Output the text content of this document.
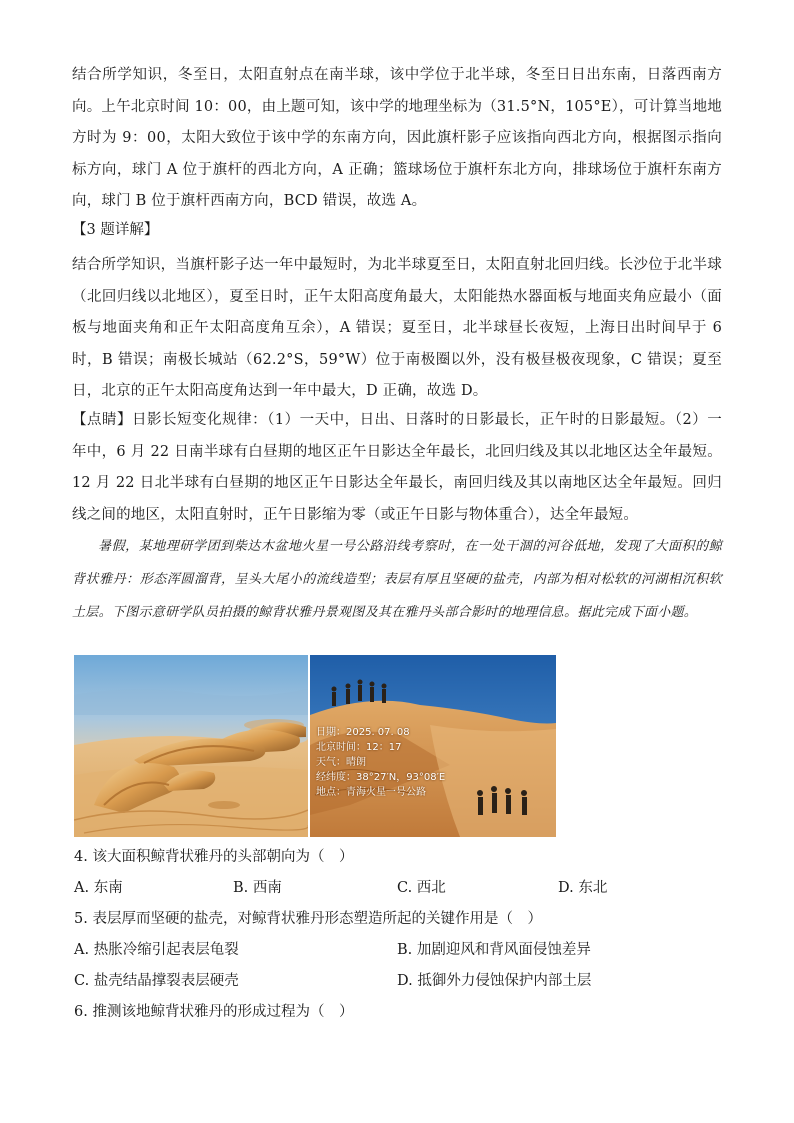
结合所学知识，冬至日，太阳直射点在南半球，该中学位于北半球，冬至日日出东南，日落西南方向。上午北京时间 10：00，由上题可知，该中学的地理坐标为（31.5°N，105°E），可计算当地地方时为 9：00，太阳大致位于该中学的东南方向，因此旗杆影子应该指向西北方向，根据图示指向标方向，球门 A 位于旗杆的西北方向，A 正确；篮球场位于旗杆东北方向，排球场位于旗杆东南方向，球门 B 位于旗杆西南方向，BCD 错误，故选 A。
【3 题详解】
结合所学知识，当旗杆影子达一年中最短时，为北半球夏至日，太阳直射北回归线。长沙位于北半球（北回归线以北地区），夏至日时，正午太阳高度角最大，太阳能热水器面板与地面夹角应最小（面板与地面夹角和正午太阳高度角互余），A 错误；夏至日，北半球昼长夜短，上海日出时间早于 6 时，B 错误；南极长城站（62.2°S，59°W）位于南极圈以外，没有极昼极夜现象，C 错误；夏至日，北京的正午太阳高度角达到一年中最大，D 正确，故选 D。
【点睛】日影长短变化规律：（1）一天中，日出、日落时的日影最长，正午时的日影最短。（2）一年中，6 月 22 日南半球有白昼期的地区正午日影达全年最长，北回归线及其以北地区达全年最短。12 月 22 日北半球有白昼期的地区正午日影达全年最长，南回归线及其以南地区达全年最短。回归线之间的地区，太阳直射时，正午日影缩为零（或正午日影与物体重合），达全年最短。
暑假，某地理研学团到柴达木盆地火星一号公路沿线考察时，在一处干涸的河谷低地，发现了大面积的鲸背状雅丹：形态浑圆溜背，呈头大尾小的流线造型；表层有厚且坚硬的盐壳，内部为相对松软的河湖相沉积软土层。下图示意研学队员拍摄的鲸背状雅丹景观图及其在雅丹头部合影时的地理信息。据此完成下面小题。
日期：2025. 07. 08
北京时间：12：17
天气：晴朗
经纬度：38°27′N，93°08′E
地点：青海火星一号公路
4. 该大面积鲸背状雅丹的头部朝向为（　）
A. 东南	B. 西南	C. 西北	D. 东北
5. 表层厚而坚硬的盐壳，对鲸背状雅丹形态塑造所起的关键作用是（　）
A. 热胀冷缩引起表层龟裂	B. 加剧迎风和背风面侵蚀差异
C. 盐壳结晶撑裂表层硬壳	D. 抵御外力侵蚀保护内部土层
6. 推测该地鲸背状雅丹的形成过程为（　）
